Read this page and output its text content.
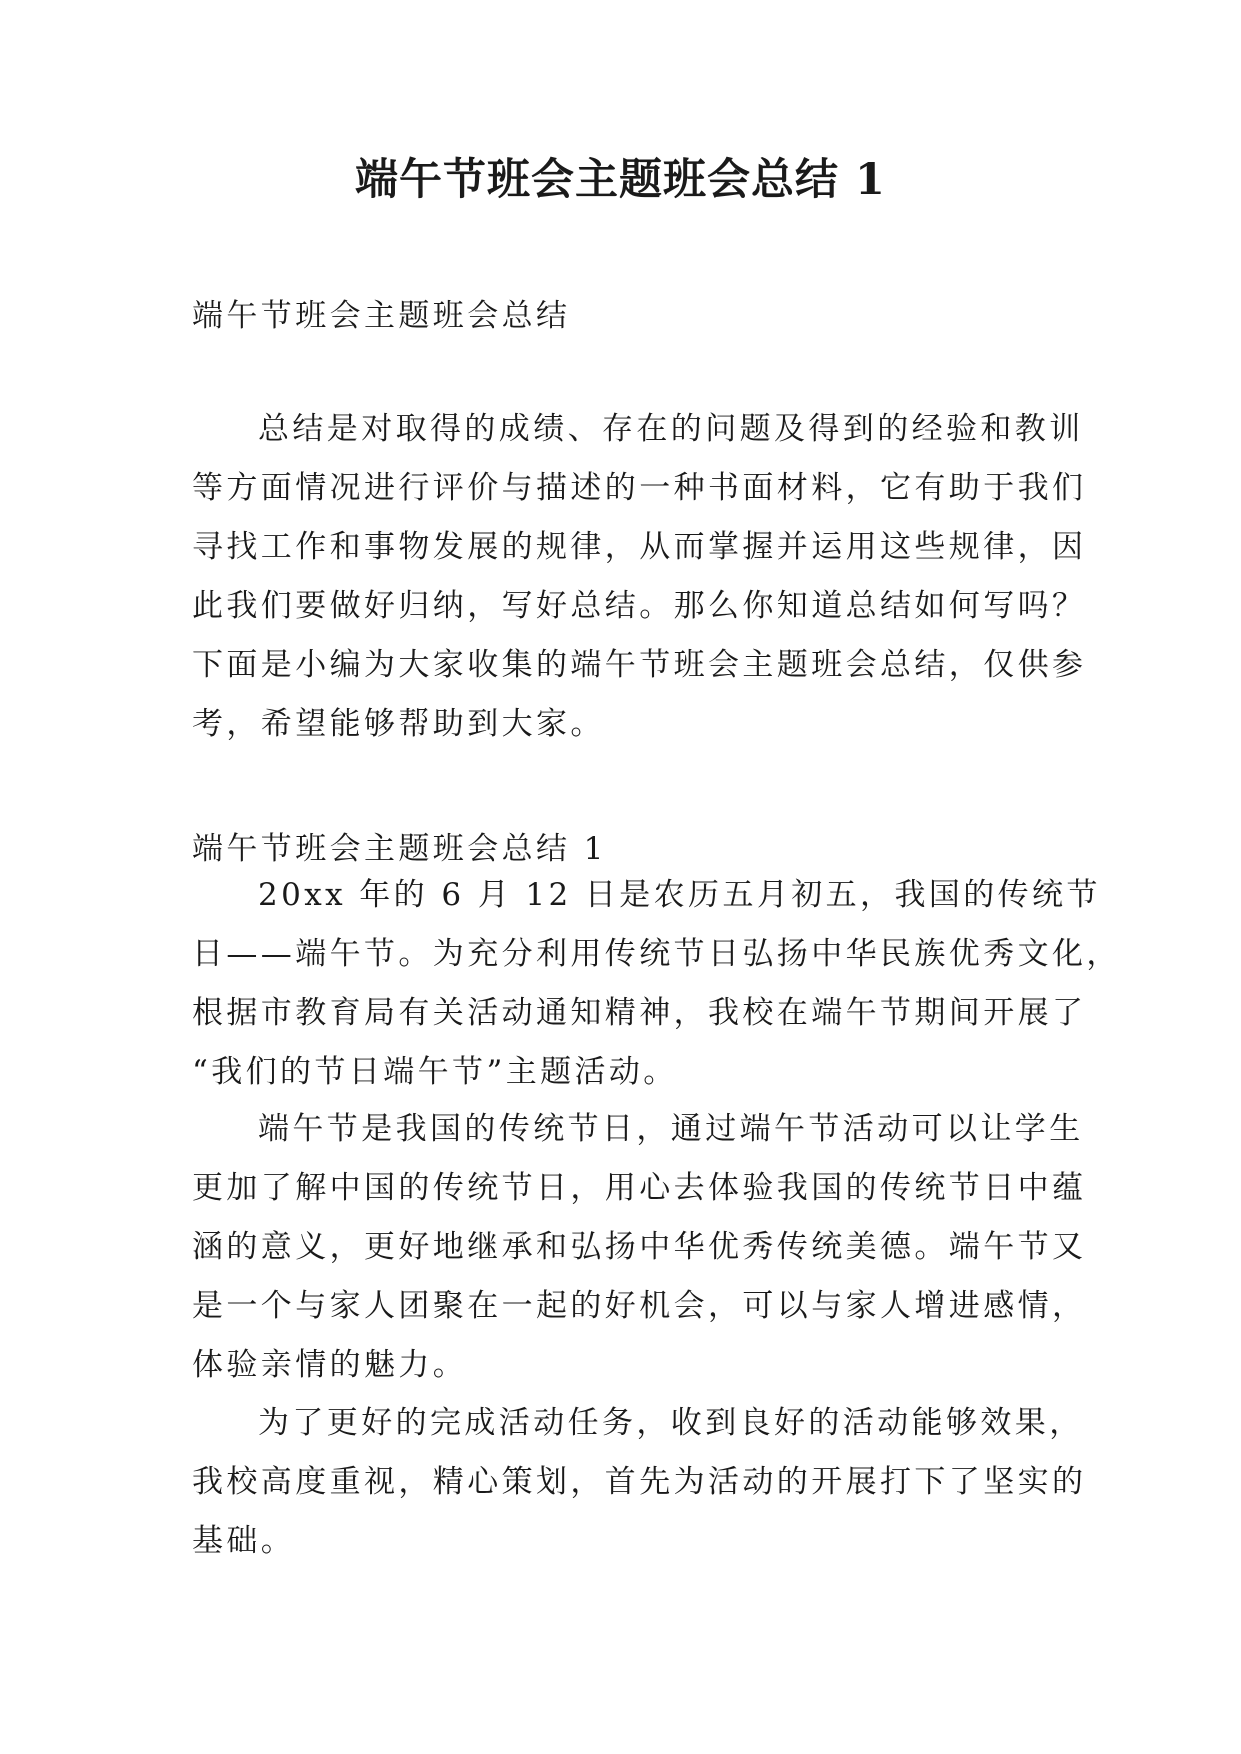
端午节班会主题班会总结 1
端午节班会主题班会总结
总结是对取得的成绩、存在的问题及得到的经验和教训
等方面情况进行评价与描述的一种书面材料，它有助于我们
寻找工作和事物发展的规律，从而掌握并运用这些规律，因
此我们要做好归纳，写好总结。那么你知道总结如何写吗？
下面是小编为大家收集的端午节班会主题班会总结，仅供参
考，希望能够帮助到大家。
端午节班会主题班会总结 1
20xx 年的 6 月 12 日是农历五月初五，我国的传统节
日——端午节。为充分利用传统节日弘扬中华民族优秀文化，
根据市教育局有关活动通知精神，我校在端午节期间开展了
“我们的节日端午节”主题活动。
端午节是我国的传统节日，通过端午节活动可以让学生
更加了解中国的传统节日，用心去体验我国的传统节日中蕴
涵的意义，更好地继承和弘扬中华优秀传统美德。端午节又
是一个与家人团聚在一起的好机会，可以与家人增进感情，
体验亲情的魅力。
为了更好的完成活动任务，收到良好的活动能够效果，
我校高度重视，精心策划，首先为活动的开展打下了坚实的
基础。
